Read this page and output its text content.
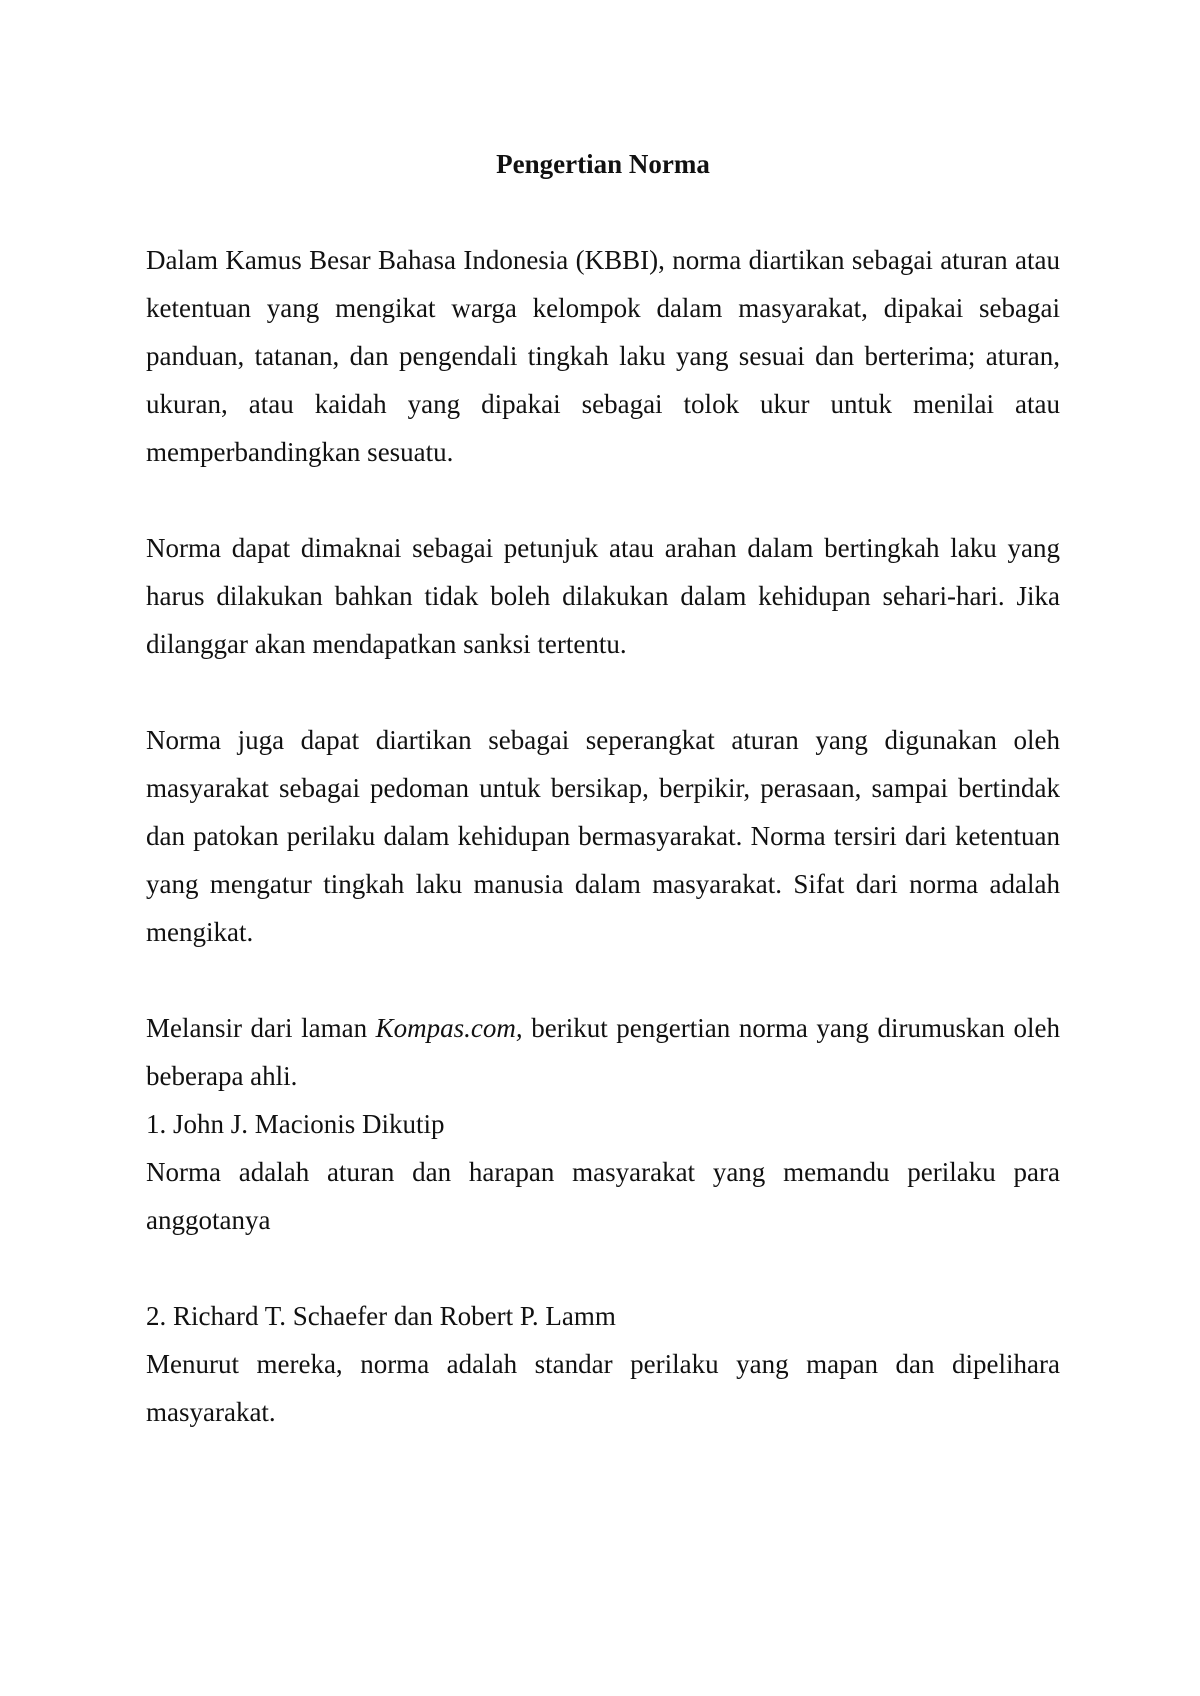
Pengertian Norma

Dalam Kamus Besar Bahasa Indonesia (KBBI), norma diartikan sebagai aturan atau ketentuan yang mengikat warga kelompok dalam masyarakat, dipakai sebagai panduan, tatanan, dan pengendali tingkah laku yang sesuai dan berterima; aturan, ukuran, atau kaidah yang dipakai sebagai tolok ukur untuk menilai atau memperbandingkan sesuatu.

Norma dapat dimaknai sebagai petunjuk atau arahan dalam bertingkah laku yang harus dilakukan bahkan tidak boleh dilakukan dalam kehidupan sehari-hari. Jika dilanggar akan mendapatkan sanksi tertentu.

Norma juga dapat diartikan sebagai seperangkat aturan yang digunakan oleh masyarakat sebagai pedoman untuk bersikap, berpikir, perasaan, sampai bertindak dan patokan perilaku dalam kehidupan bermasyarakat. Norma tersiri dari ketentuan yang mengatur tingkah laku manusia dalam masyarakat. Sifat dari norma adalah mengikat.

Melansir dari laman Kompas.com, berikut pengertian norma yang dirumuskan oleh beberapa ahli.

1. John J. Macionis Dikutip

Norma adalah aturan dan harapan masyarakat yang memandu perilaku para anggotanya

2. Richard T. Schaefer dan Robert P. Lamm

Menurut mereka, norma adalah standar perilaku yang mapan dan dipelihara masyarakat.
